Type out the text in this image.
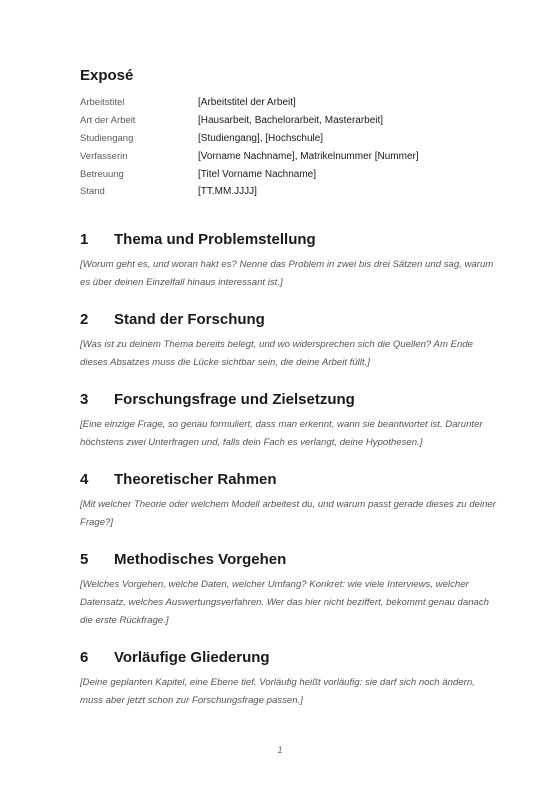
Exposé
Arbeitstitel	[Arbeitstitel der Arbeit]
Art der Arbeit	[Hausarbeit, Bachelorarbeit, Masterarbeit]
Studiengang	[Studiengang], [Hochschule]
Verfasserin	[Vorname Nachname], Matrikelnummer [Nummer]
Betreuung	[Titel Vorname Nachname]
Stand	[TT.MM.JJJJ]
1	Thema und Problemstellung

[Worum geht es, und woran hakt es? Nenne das Problem in zwei bis drei Sätzen und sag, warum es über deinen Einzelfall hinaus interessant ist.]

2	Stand der Forschung

[Was ist zu deinem Thema bereits belegt, und wo widersprechen sich die Quellen? Am Ende dieses Absatzes muss die Lücke sichtbar sein, die deine Arbeit füllt.]

3	Forschungsfrage und Zielsetzung

[Eine einzige Frage, so genau formuliert, dass man erkennt, wann sie beantwortet ist. Darunter höchstens zwei Unterfragen und, falls dein Fach es verlangt, deine Hypothesen.]

4	Theoretischer Rahmen

[Mit welcher Theorie oder welchem Modell arbeitest du, und warum passt gerade dieses zu deiner Frage?]

5	Methodisches Vorgehen

[Welches Vorgehen, welche Daten, welcher Umfang? Konkret: wie viele Interviews, welcher Datensatz, welches Auswertungsverfahren. Wer das hier nicht beziffert, bekommt genau danach die erste Rückfrage.]

6	Vorläufige Gliederung

[Deine geplanten Kapitel, eine Ebene tief. Vorläufig heißt vorläufig: sie darf sich noch ändern, muss aber jetzt schon zur Forschungsfrage passen.]

1
